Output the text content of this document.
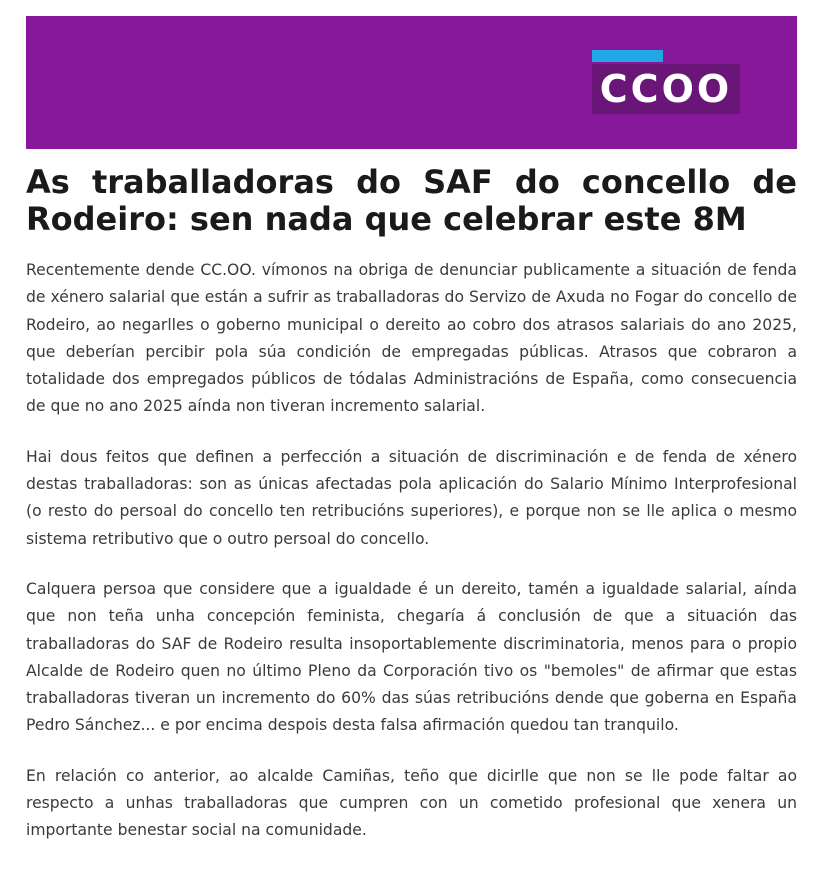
CCOO
As traballadoras do SAF do concello de Rodeiro: sen nada que celebrar este 8M

Recentemente dende CC.OO. vímonos na obriga de denunciar publicamente a situación de fenda de xénero salarial que están a sufrir as traballadoras do Servizo de Axuda no Fogar do concello de Rodeiro, ao negarlles o goberno municipal o dereito ao cobro dos atrasos salariais do ano 2025, que deberían percibir pola súa condición de empregadas públicas. Atrasos que cobraron a totalidade dos empregados públicos de tódalas Administracións de España, como consecuencia de que no ano 2025 aínda non tiveran incremento salarial.

Hai dous feitos que definen a perfección a situación de discriminación e de fenda de xénero destas traballadoras: son as únicas afectadas pola aplicación do Salario Mínimo Interprofesional (o resto do persoal do concello ten retribucións superiores), e porque non se lle aplica o mesmo sistema retributivo que o outro persoal do concello.

Calquera persoa que considere que a igualdade é un dereito, tamén a igualdade salarial, aínda que non teña unha concepción feminista, chegaría á conclusión de que a situación das traballadoras do SAF de Rodeiro resulta insoportablemente discriminatoria, menos para o propio Alcalde de Rodeiro quen no último Pleno da Corporación tivo os "bemoles" de afirmar que estas traballadoras tiveran un incremento do 60% das súas retribucións dende que goberna en España Pedro Sánchez... e por encima despois desta falsa afirmación quedou tan tranquilo.

En relación co anterior, ao alcalde Camiñas, teño que dicirlle que non se lle pode faltar ao respecto a unhas traballadoras que cumpren con un cometido profesional que xenera un importante benestar social na comunidade.
